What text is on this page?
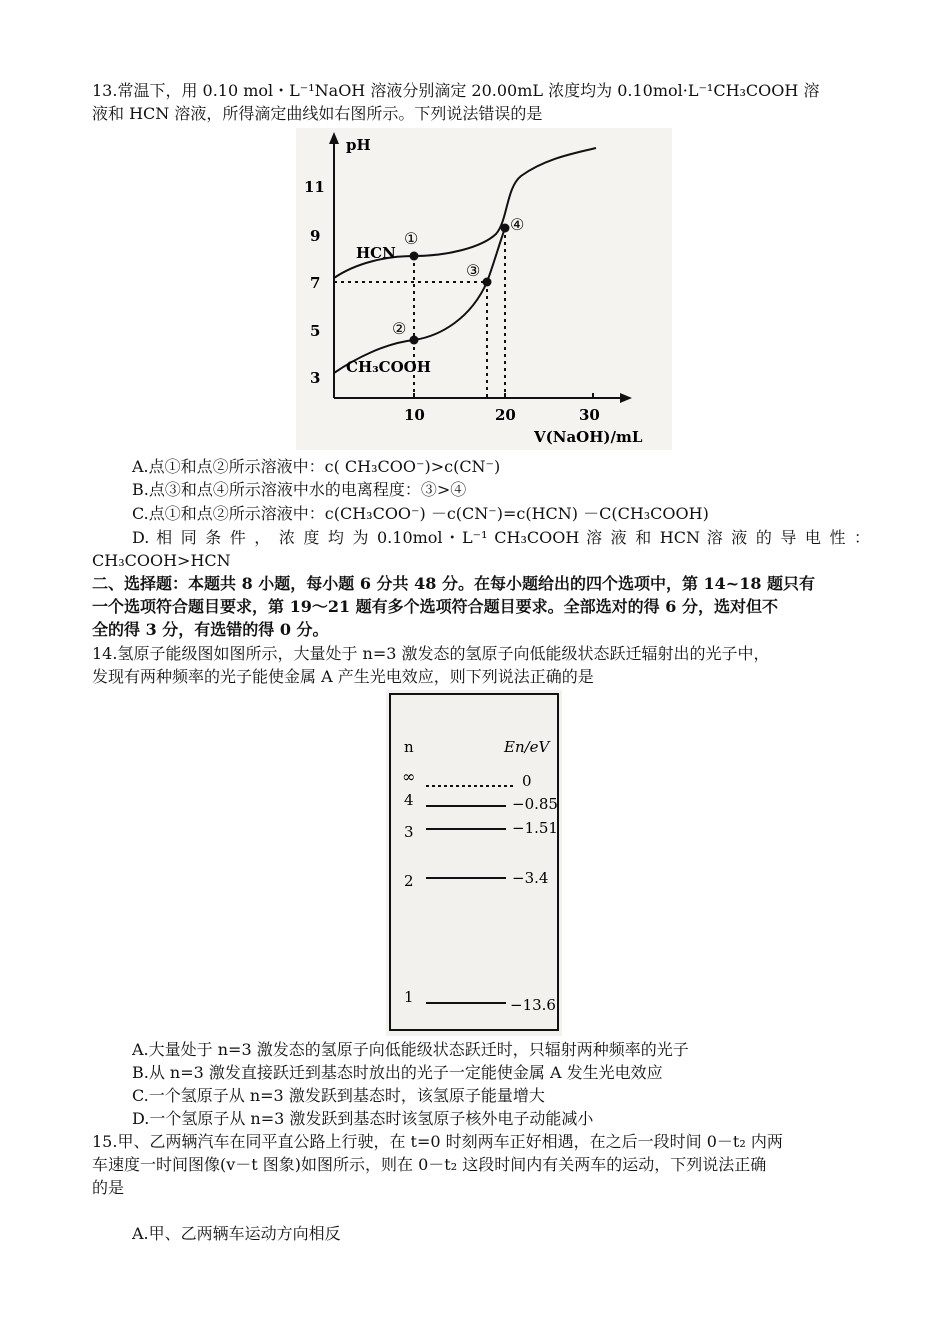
13.常温下，用 0.10 mol・L⁻¹NaOH 溶液分别滴定 20.00mL 浓度均为 0.10mol·L⁻¹CH₃COOH 溶
液和 HCN 溶液，所得滴定曲线如右图所示。下列说法错误的是
pH
V(NaOH)/mL
3
5
7
9
11
10	20	30
HCN
CH₃COOH
①
②
③
④
A.点①和点②所示溶液中：c( CH₃COO⁻)>c(CN⁻)
B.点③和点④所示溶液中水的电离程度：③>④
C.点①和点②所示溶液中：c(CH₃COO⁻) －c(CN⁻)=c(HCN) －C(CH₃COOH)
D. 相 同 条 件 ， 浓 度 均 为 0.10mol・L⁻¹ CH₃COOH 溶 液 和 HCN 溶 液 的 导 电 性 ：
CH₃COOH>HCN
二、选择题：本题共 8 小题，每小题 6 分共 48 分。在每小题给出的四个选项中，第 14~18 题只有
一个选项符合题目要求，第 19～21 题有多个选项符合题目要求。全部选对的得 6 分，选对但不
全的得 3 分，有选错的得 0 分。
14.氢原子能级图如图所示，大量处于 n=3 激发态的氢原子向低能级状态跃迁辐射出的光子中，
发现有两种频率的光子能使金属 A 产生光电效应，则下列说法正确的是
n	En/eV
∞	0
4	−0.85
3	−1.51
2	−3.4
1	−13.6
A.大量处于 n=3 激发态的氢原子向低能级状态跃迁时，只辐射两种频率的光子
B.从 n=3 激发直接跃迁到基态时放出的光子一定能使金属 A 发生光电效应
C.一个氢原子从 n=3 激发跃到基态时，该氢原子能量增大
D.一个氢原子从 n=3 激发跃到基态时该氢原子核外电子动能减小
15.甲、乙两辆汽车在同平直公路上行驶，在 t=0 时刻两车正好相遇，在之后一段时间 0－t₂ 内两
车速度一时间图像(v－t 图象)如图所示，则在 0－t₂ 这段时间内有关两车的运动，下列说法正确
的是
A.甲、乙两辆车运动方向相反
